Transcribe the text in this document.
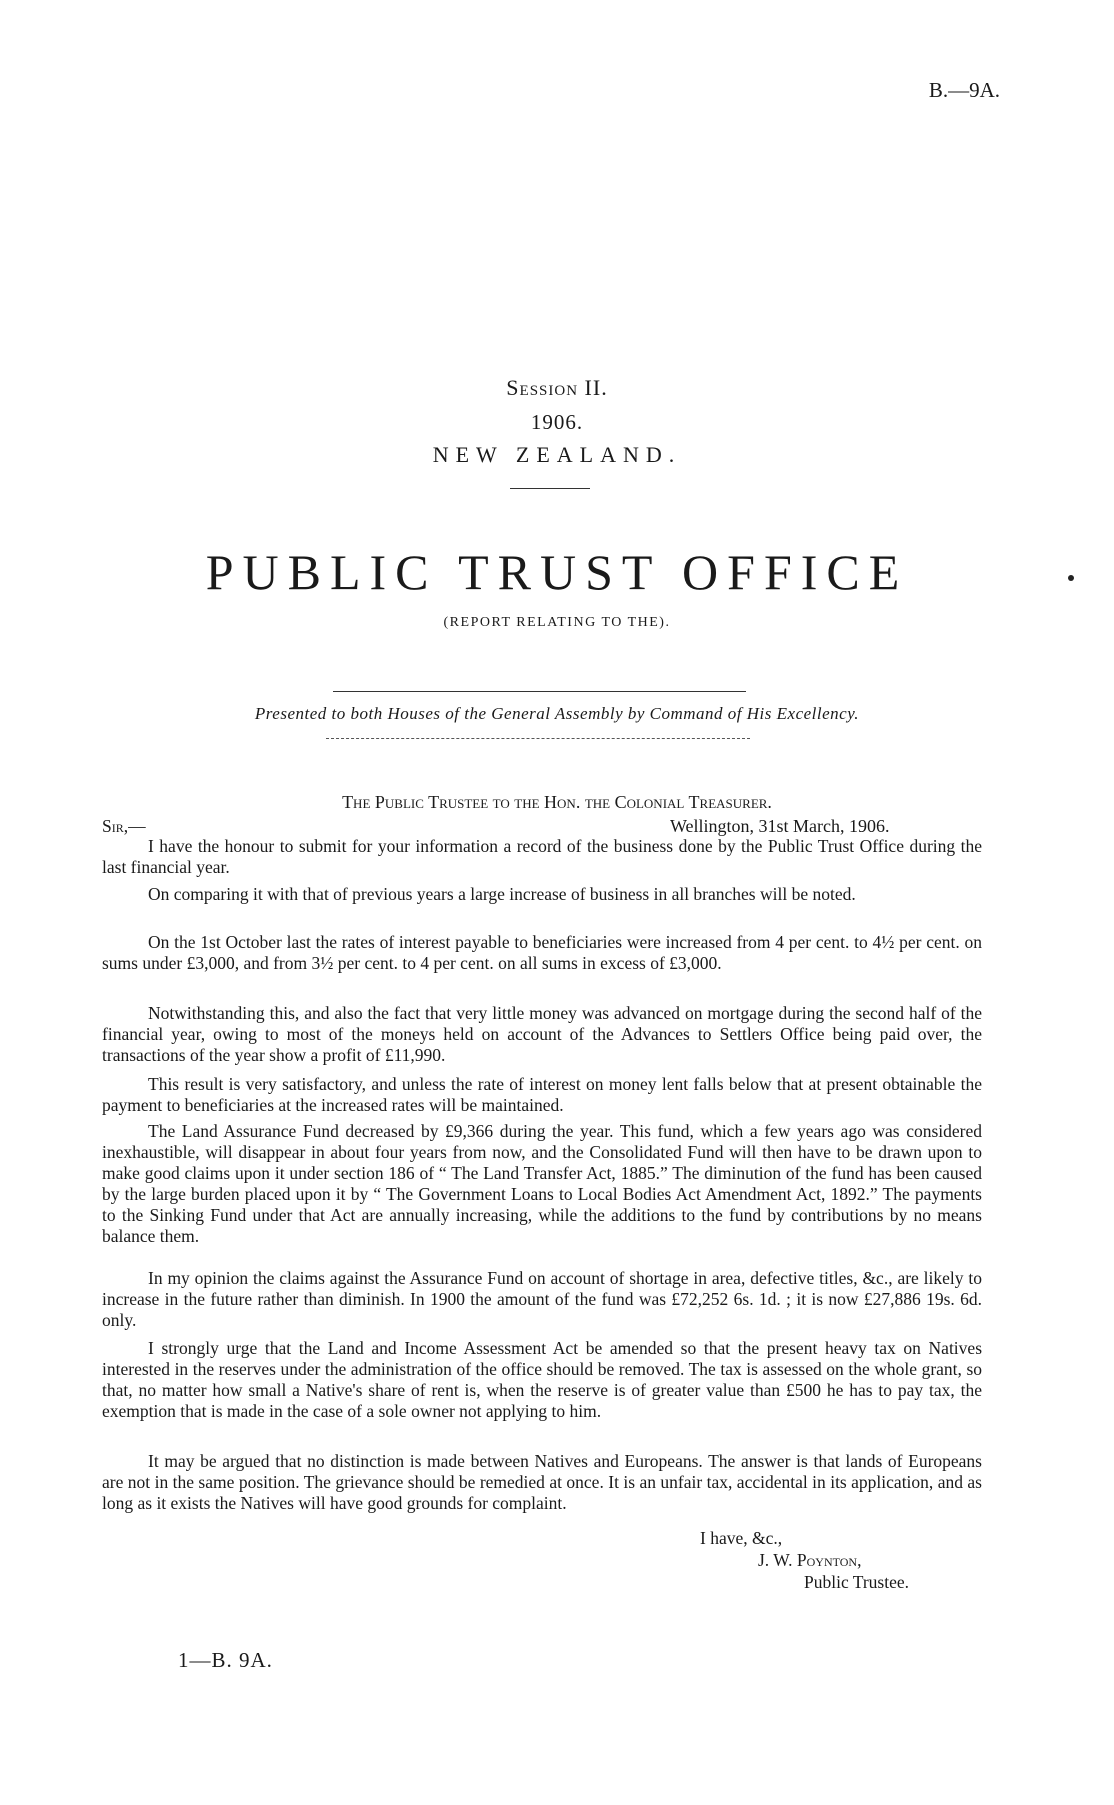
B.—9A.
Session II.
1906.
NEW ZEALAND.
PUBLIC TRUST OFFICE
(REPORT RELATING TO THE).
Presented to both Houses of the General Assembly by Command of His Excellency.
The Public Trustee to the Hon. the Colonial Treasurer.
Sir,—	Wellington, 31st March, 1906.

I have the honour to submit for your information a record of the business done by the Public Trust Office during the last financial year.

On comparing it with that of previous years a large increase of business in all branches will be noted.

On the 1st October last the rates of interest payable to beneficiaries were increased from 4 per cent. to 4½ per cent. on sums under £3,000, and from 3½ per cent. to 4 per cent. on all sums in excess of £3,000.

Notwithstanding this, and also the fact that very little money was advanced on mortgage during the second half of the financial year, owing to most of the moneys held on account of the Advances to Settlers Office being paid over, the transactions of the year show a profit of £11,990.

This result is very satisfactory, and unless the rate of interest on money lent falls below that at present obtainable the payment to beneficiaries at the increased rates will be maintained.

The Land Assurance Fund decreased by £9,366 during the year. This fund, which a few years ago was considered inexhaustible, will disappear in about four years from now, and the Consolidated Fund will then have to be drawn upon to make good claims upon it under section 186 of “ The Land Transfer Act, 1885.” The diminution of the fund has been caused by the large burden placed upon it by “ The Government Loans to Local Bodies Act Amendment Act, 1892.” The payments to the Sinking Fund under that Act are annually increasing, while the additions to the fund by contributions by no means balance them.

In my opinion the claims against the Assurance Fund on account of shortage in area, defective titles, &c., are likely to increase in the future rather than diminish. In 1900 the amount of the fund was £72,252 6s. 1d. ; it is now £27,886 19s. 6d. only.

I strongly urge that the Land and Income Assessment Act be amended so that the present heavy tax on Natives interested in the reserves under the administration of the office should be removed. The tax is assessed on the whole grant, so that, no matter how small a Native's share of rent is, when the reserve is of greater value than £500 he has to pay tax, the exemption that is made in the case of a sole owner not applying to him.

It may be argued that no distinction is made between Natives and Europeans. The answer is that lands of Europeans are not in the same position. The grievance should be remedied at once. It is an unfair tax, accidental in its application, and as long as it exists the Natives will have good grounds for complaint.

I have, &c.,
J. W. Poynton,
Public Trustee.
1—B. 9A.
